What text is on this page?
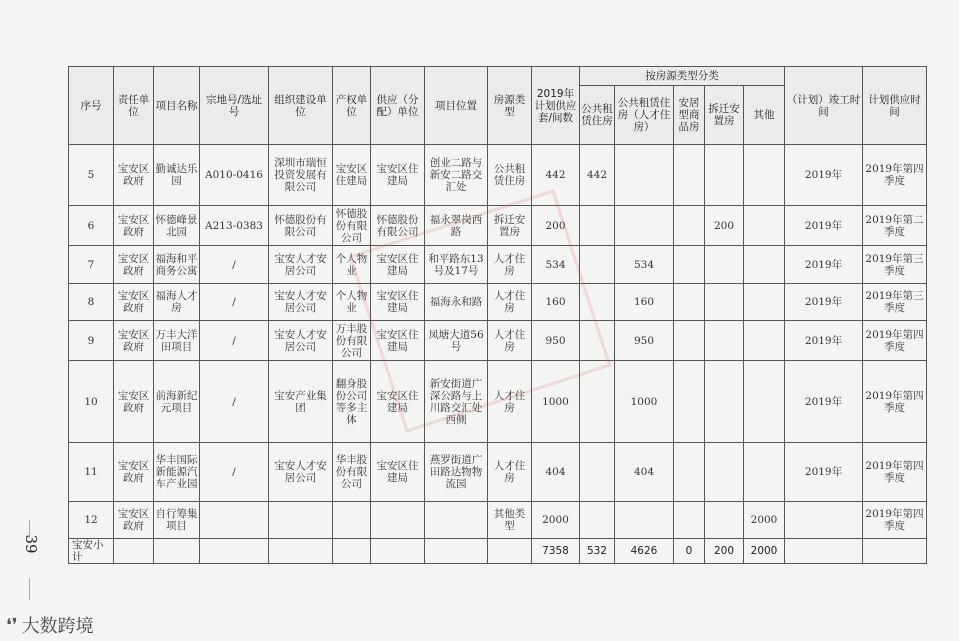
39
序号	责任单位	项目名称	宗地号/选址号	组织建设单位	产权单位	供应（分配）单位	项目位置	房源类型	2019年计划供应套/间数	按房源类型分类					（计划）竣工时间	计划供应时间
										公共租赁住房	公共租赁住房（人才住房）	安居型商品房	拆迁安置房	其他		
5	宝安区政府	勤诚达乐园	A010-0416	深圳市瑞恒投资发展有限公司	宝安区住建局	宝安区住建局	创业二路与新安二路交汇处	公共租赁住房	442	442					2019年	2019年第四季度
6	宝安区政府	怀德峰景北园	A213-0383	怀德股份有限公司	怀德股份有限公司	怀德股份有限公司	福永翠岗西路	拆迁安置房	200				200		2019年	2019年第二季度
7	宝安区政府	福海和平商务公寓	/	宝安人才安居公司	个人物业	宝安区住建局	和平路东13号及17号	人才住房	534		534				2019年	2019年第三季度
8	宝安区政府	福海人才房	/	宝安人才安居公司	个人物业	宝安区住建局	福海永和路	人才住房	160		160				2019年	2019年第三季度
9	宝安区政府	万丰大洋田项目	/	宝安人才安居公司	万丰股份有限公司	宝安区住建局	凤塘大道56号	人才住房	950		950				2019年	2019年第四季度
10	宝安区政府	前海新纪元项目	/	宝安产业集团	翻身股份公司等多主体	宝安区住建局	新安街道广深公路与上川路交汇处西侧	人才住房	1000		1000				2019年	2019年第四季度
11	宝安区政府	华丰国际新能源汽车产业园	/	宝安人才安居公司	华丰股份有限公司	宝安区住建局	燕罗街道广田路达物物流园	人才住房	404		404				2019年	2019年第四季度
12	宝安区政府	自行筹集项目						其他类型	2000					2000		2019年第四季度
宝安小计									7358	532	4626	0	200	2000		
❛❜ 大数跨境
